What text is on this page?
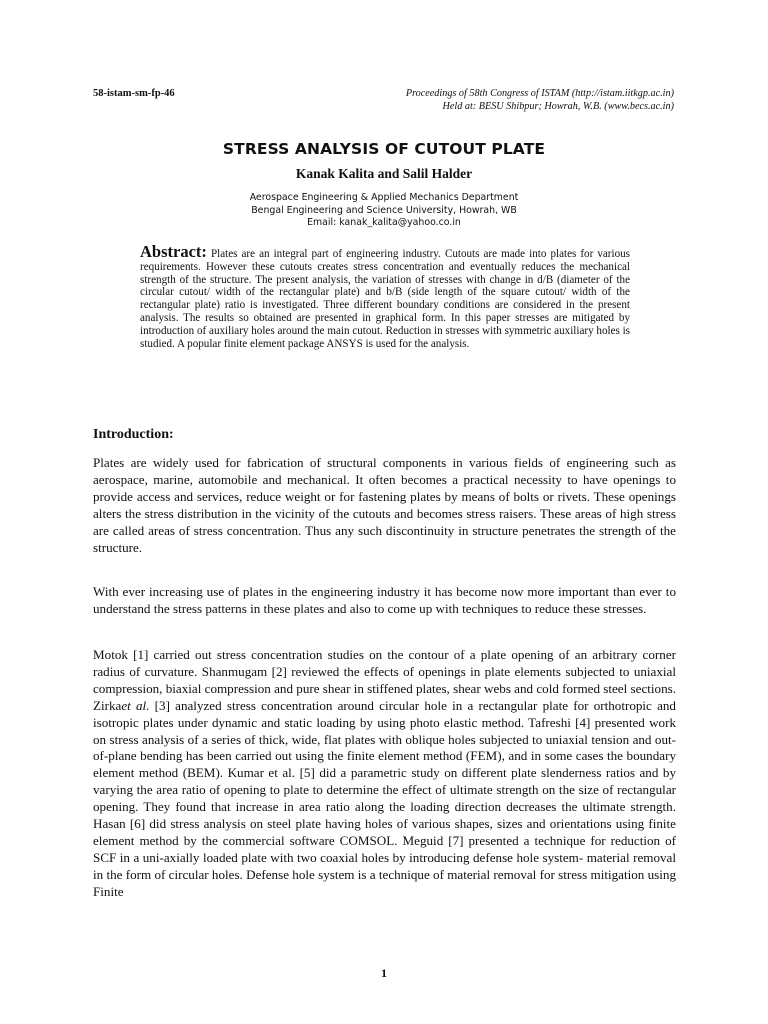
58-istam-sm-fp-46	Proceedings of 58th Congress of ISTAM (http://istam.iitkgp.ac.in)
Held at: BESU Shibpur; Howrah, W.B. (www.becs.ac.in)
STRESS ANALYSIS OF CUTOUT PLATE
Kanak Kalita and Salil Halder
Aerospace Engineering & Applied Mechanics Department
Bengal Engineering and Science University, Howrah, WB
Email: kanak_kalita@yahoo.co.in
Abstract: Plates are an integral part of engineering industry. Cutouts are made into plates for various requirements. However these cutouts creates stress concentration and eventually reduces the mechanical strength of the structure. The present analysis, the variation of stresses with change in d/B (diameter of the circular cutout/ width of the rectangular plate) and b/B (side length of the square cutout/ width of the rectangular plate) ratio is investigated. Three different boundary conditions are considered in the present analysis. The results so obtained are presented in graphical form. In this paper stresses are mitigated by introduction of auxiliary holes around the main cutout. Reduction in stresses with symmetric auxiliary holes is studied. A popular finite element package ANSYS is used for the analysis.
Introduction:

Plates are widely used for fabrication of structural components in various fields of engineering such as aerospace, marine, automobile and mechanical. It often becomes a practical necessity to have openings to provide access and services, reduce weight or for fastening plates by means of bolts or rivets. These openings alters the stress distribution in the vicinity of the cutouts and becomes stress raisers. These areas of high stress are called areas of stress concentration. Thus any such discontinuity in structure penetrates the strength of the structure.

With ever increasing use of plates in the engineering industry it has become now more important than ever to understand the stress patterns in these plates and also to come up with techniques to reduce these stresses.

Motok [1] carried out stress concentration studies on the contour of a plate opening of an arbitrary corner radius of curvature. Shanmugam [2] reviewed the effects of openings in plate elements subjected to uniaxial compression, biaxial compression and pure shear in stiffened plates, shear webs and cold formed steel sections. Zirkaet al. [3] analyzed stress concentration around circular hole in a rectangular plate for orthotropic and isotropic plates under dynamic and static loading by using photo elastic method. Tafreshi [4] presented work on stress analysis of a series of thick, wide, flat plates with oblique holes subjected to uniaxial tension and out-of-plane bending has been carried out using the finite element method (FEM), and in some cases the boundary element method (BEM). Kumar et al. [5] did a parametric study on different plate slenderness ratios and by varying the area ratio of opening to plate to determine the effect of ultimate strength on the size of rectangular opening. They found that increase in area ratio along the loading direction decreases the ultimate strength. Hasan [6] did stress analysis on steel plate having holes of various shapes, sizes and orientations using finite element method by the commercial software COMSOL. Meguid [7] presented a technique for reduction of SCF in a uni-axially loaded plate with two coaxial holes by introducing defense hole system- material removal in the form of circular holes. Defense hole system is a technique of material removal for stress mitigation using Finite

1
